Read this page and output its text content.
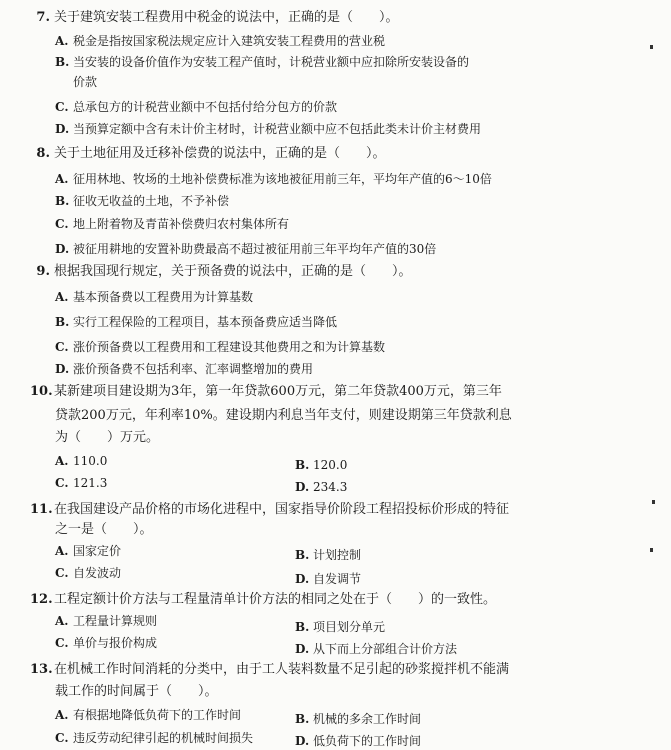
7. 关于建筑安装工程费用中税金的说法中，正确的是（　　）。
A. 税金是指按国家税法规定应计入建筑安装工程费用的营业税
B. 当安装的设备价值作为安装工程产值时，计税营业额中应扣除所安装设备的
价款
C. 总承包方的计税营业额中不包括付给分包方的价款
D. 当预算定额中含有未计价主材时，计税营业额中应不包括此类未计价主材费用
8. 关于土地征用及迁移补偿费的说法中，正确的是（　　）。
A. 征用林地、牧场的土地补偿费标准为该地被征用前三年，平均年产值的6～10倍
B. 征收无收益的土地，不予补偿
C. 地上附着物及青苗补偿费归农村集体所有
D. 被征用耕地的安置补助费最高不超过被征用前三年平均年产值的30倍
9. 根据我国现行规定，关于预备费的说法中，正确的是（　　）。
A. 基本预备费以工程费用为计算基数
B. 实行工程保险的工程项目，基本预备费应适当降低
C. 涨价预备费以工程费用和工程建设其他费用之和为计算基数
D. 涨价预备费不包括利率、汇率调整增加的费用
10.某新建项目建设期为3年，第一年贷款600万元，第二年贷款400万元，第三年
贷款200万元，年利率10%。建设期内利息当年支付，则建设期第三年贷款利息
为（　　）万元。
A. 110.0	B. 120.0
C. 121.3	D. 234.3
11.在我国建设产品价格的市场化进程中，国家指导价阶段工程招投标价形成的特征
之一是（　　）。
A. 国家定价	B. 计划控制
C. 自发波动	D. 自发调节
12.工程定额计价方法与工程量清单计价方法的相同之处在于（　　）的一致性。
A. 工程量计算规则	B. 项目划分单元
C. 单价与报价构成	D. 从下而上分部组合计价方法
13.在机械工作时间消耗的分类中，由于工人装料数量不足引起的砂浆搅拌机不能满
载工作的时间属于（　　）。
A. 有根据地降低负荷下的工作时间	B. 机械的多余工作时间
C. 违反劳动纪律引起的机械时间损失	D. 低负荷下的工作时间
